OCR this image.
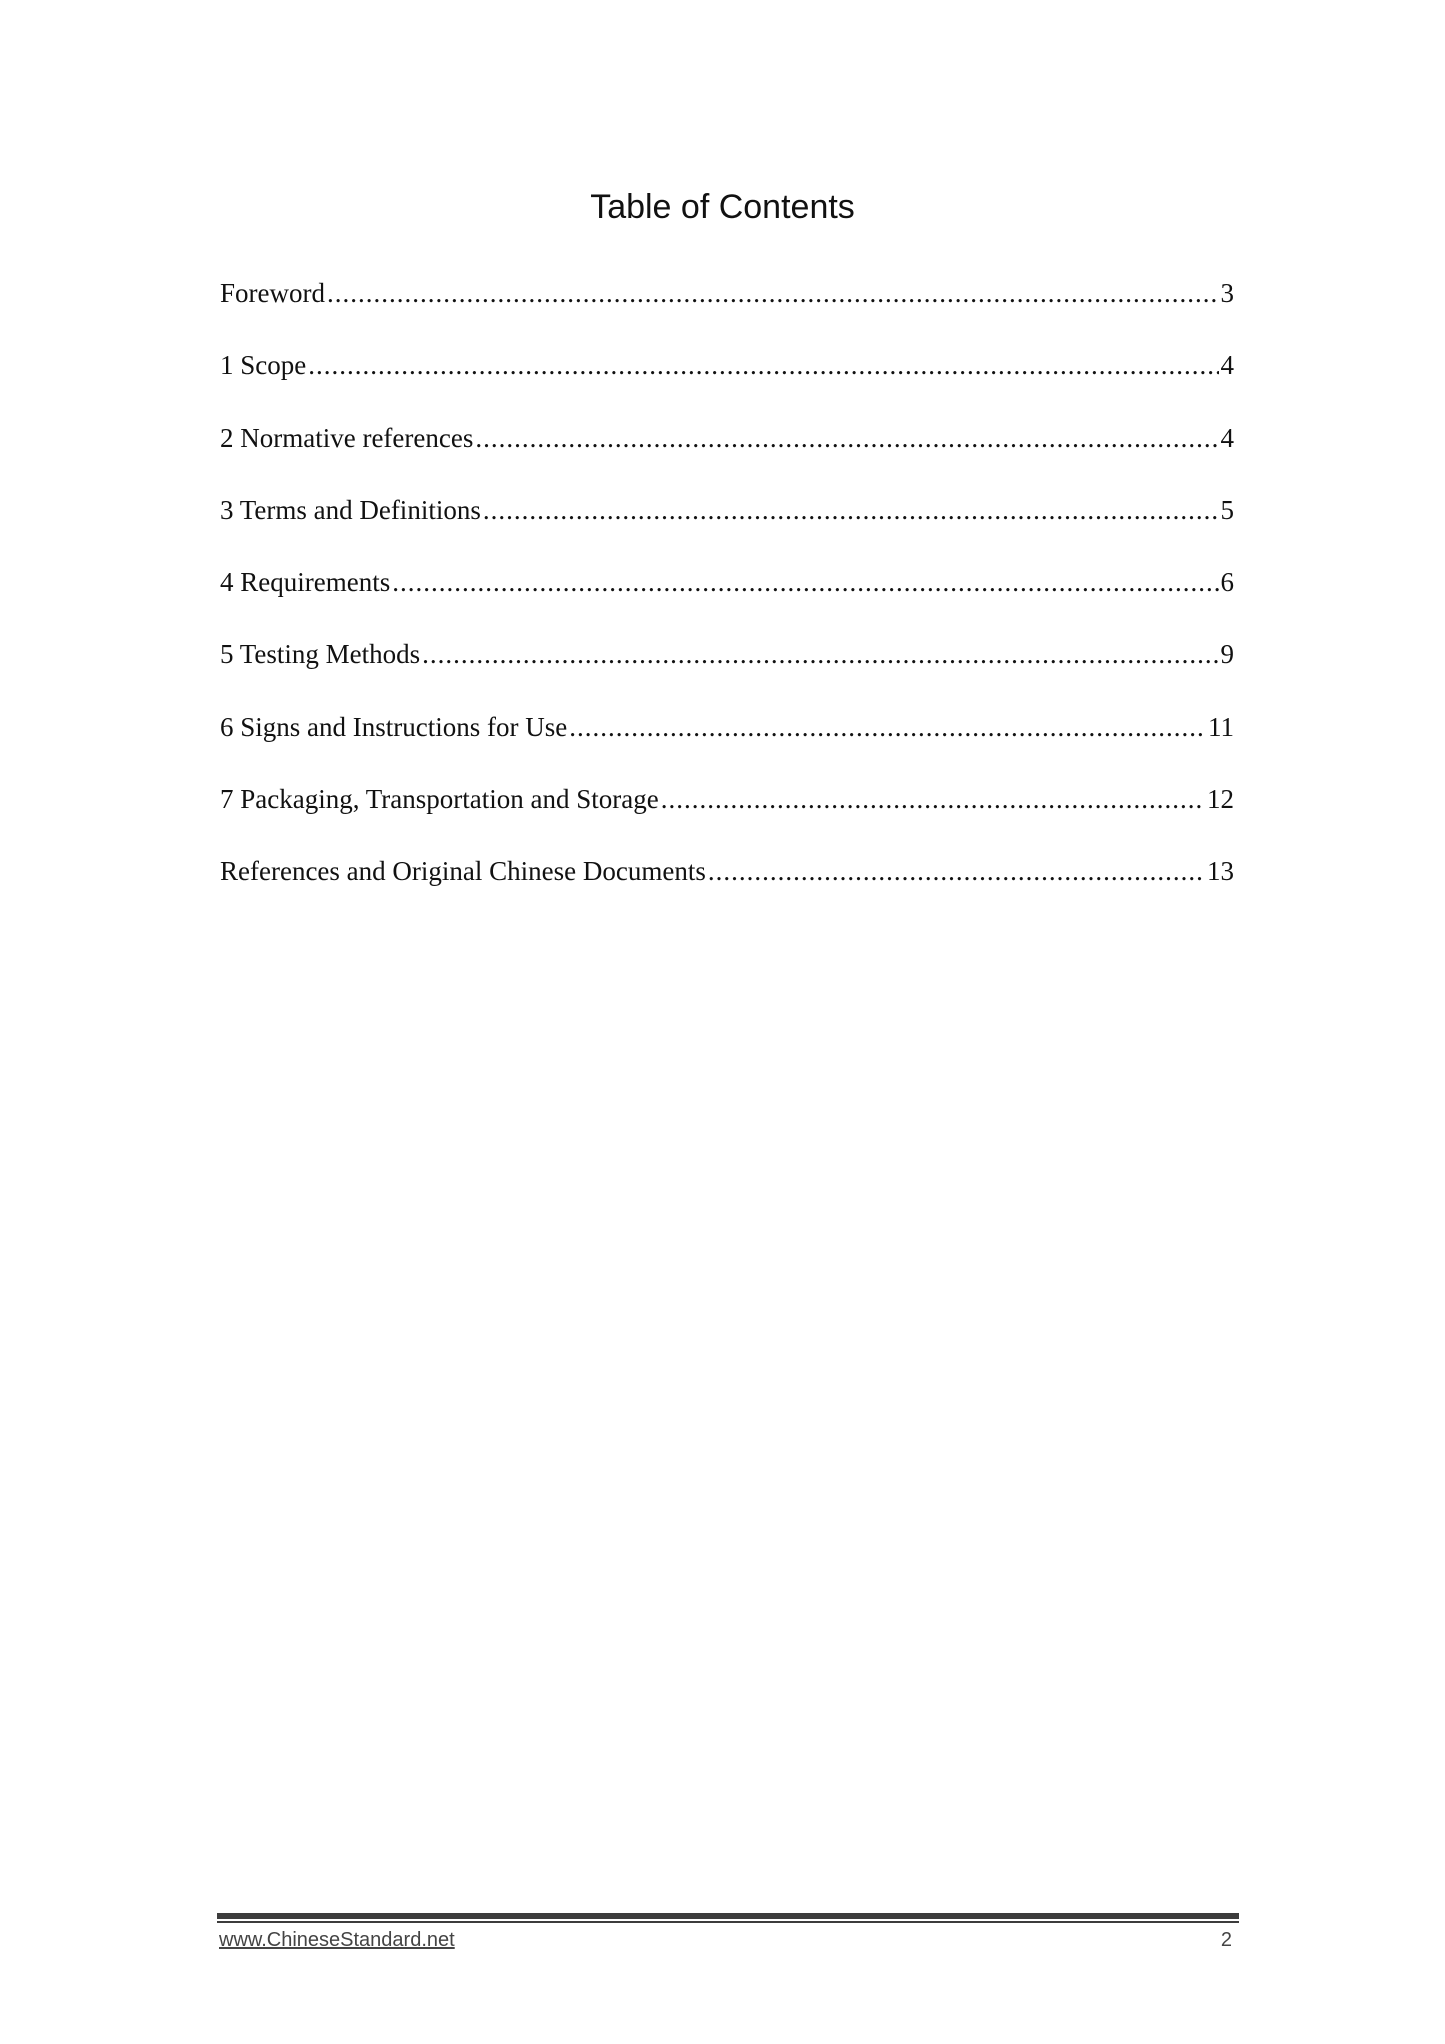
Table of Contents
Foreword .....	3
1 Scope .....	4
2 Normative references .....	4
3 Terms and Definitions .....	5
4 Requirements .....	6
5 Testing Methods .....	9
6 Signs and Instructions for Use .....	11
7 Packaging, Transportation and Storage .....	12
References and Original Chinese Documents .....	13
www.ChineseStandard.net	2
